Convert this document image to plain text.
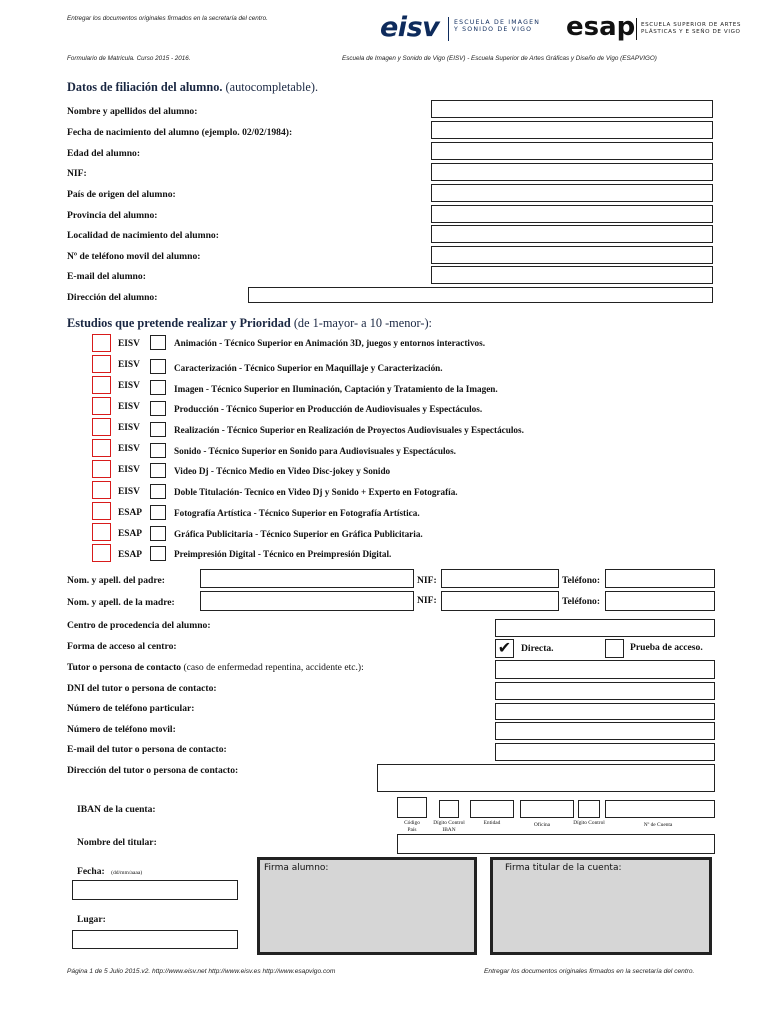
Entregar los documentos originales firmados en la secretaría del centro.	eisv ESCUELA DE IMAGEN
Y SONIDO DE VIGO	esap ESCUELA SUPERIOR DE ARTES
PLÁSTICAS Y E SEÑO DE VIGO
Formulario de Matricula. Curso 2015 - 2016.	Escuela de Imagen y Sonido de Vigo (EISV) - Escuela Superior de Artes Gráficas y Diseño de Vigo (ESAPVIGO)
Datos de filiación del alumno. (autocompletable).
Nombre y apellidos del alumno:
Fecha de nacimiento del alumno (ejemplo. 02/02/1984):
Edad del alumno:
NIF:
País de origen del alumno:
Provincia del alumno:
Localidad de nacimiento del alumno:
Nº de teléfono movil del alumno:
E-mail del alumno:
Dirección del alumno:
Estudios que pretende realizar y Prioridad (de 1-mayor- a 10 -menor-):
EISV	Animación - Técnico Superior en Animación 3D, juegos y entornos interactivos.
EISV	Caracterización - Técnico Superior en Maquillaje y Caracterización.
EISV	Imagen - Técnico Superior en Iluminación, Captación y Tratamiento de la Imagen.
EISV	Producción - Técnico Superior en Producción de Audiovisuales y Espectáculos.
EISV	Realización - Técnico Superior en Realización de Proyectos Audiovisuales y Espectáculos.
EISV	Sonido - Técnico Superior en Sonido para Audiovisuales y Espectáculos.
EISV	Video Dj - Técnico Medio en Video Disc-jokey y Sonido
EISV	Doble Titulación- Tecnico en Video Dj y Sonido + Experto en Fotografía.
ESAP	Fotografía Artística - Técnico Superior en Fotografía Artística.
ESAP	Gráfica Publicitaria - Técnico Superior en Gráfica Publicitaria.
ESAP	Preimpresión Digital - Técnico en Preimpresión Digital.
Nom. y apell. del padre:	NIF:	Teléfono:
Nom. y apell. de la madre:	NIF:	Teléfono:
Centro de procedencia del alumno:
Forma de acceso al centro:	✔ Directa.	Prueba de acceso.
Tutor o persona de contacto (caso de enfermedad repentina, accidente etc.):
DNI del tutor o persona de contacto:
Número de teléfono particular:
Número de teléfono movil:
E-mail del tutor o persona de contacto:
Dirección del tutor o persona de contacto:
IBAN de la cuenta:
Código
País
Dígito Control
IBAN
Entidad	Oficina	Dígito Control	Nº de Cuenta
Nombre del titular:
Fecha: (dd/mm/aaaa)
Lugar:
Firma alumno:	Firma titular de la cuenta:
Página 1 de 5 Julio 2015.v2. http://www.eisv.net http://www.eisv.es http://www.esapvigo.com	Entregar los documentos originales firmados en la secretaría del centro.
